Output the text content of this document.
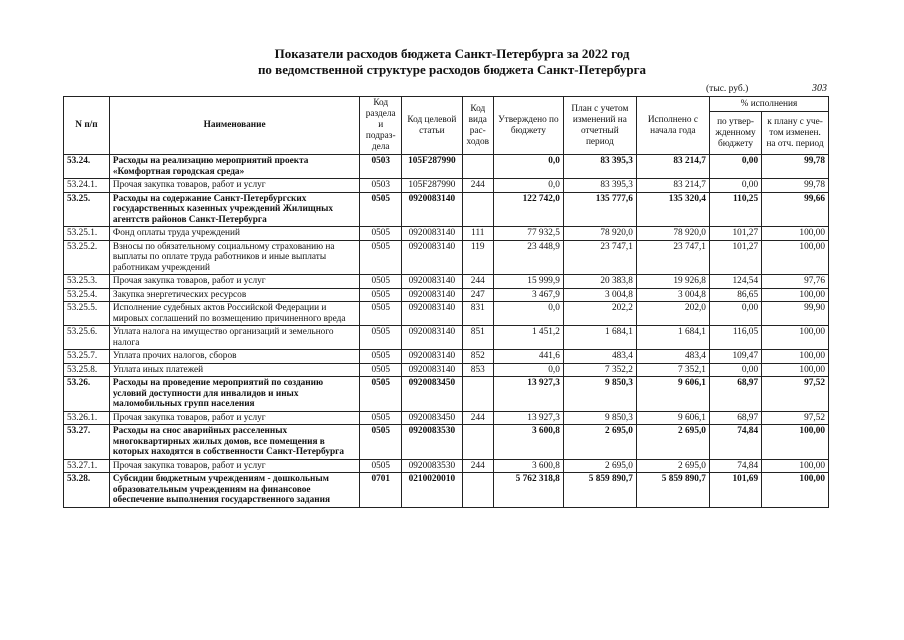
Показатели расходов бюджета Санкт-Петербурга за 2022 год
по ведомственной структуре расходов бюджета Санкт-Петербурга
(тыс. руб.)	303
N п/п	Наименование	Код раздела и подраз- дела	Код целевой статьи	Код вида рас- ходов	Утверждено по бюджету	План с учетом изменений на отчетный период	Исполнено с начала года	% исполнения	
								по утвер- жденному бюджету	к плану с уче- том изменен. на отч. период
53.24.	Расходы на реализацию мероприятий проекта «Комфортная городская среда»	0503	105F287990		0,0	83 395,3	83 214,7	0,00	99,78
53.24.1.	Прочая закупка товаров, работ и услуг	0503	105F287990	244	0,0	83 395,3	83 214,7	0,00	99,78
53.25.	Расходы на содержание Санкт-Петербургских государственных казенных учреждений Жилищных агентств районов Санкт-Петербурга	0505	0920083140		122 742,0	135 777,6	135 320,4	110,25	99,66
53.25.1.	Фонд оплаты труда учреждений	0505	0920083140	111	77 932,5	78 920,0	78 920,0	101,27	100,00
53.25.2.	Взносы по обязательному социальному страхованию на выплаты по оплате труда работников и иные выплаты работникам учреждений	0505	0920083140	119	23 448,9	23 747,1	23 747,1	101,27	100,00
53.25.3.	Прочая закупка товаров, работ и услуг	0505	0920083140	244	15 999,9	20 383,8	19 926,8	124,54	97,76
53.25.4.	Закупка энергетических ресурсов	0505	0920083140	247	3 467,9	3 004,8	3 004,8	86,65	100,00
53.25.5.	Исполнение судебных актов Российской Федерации и мировых соглашений по возмещению причиненного вреда	0505	0920083140	831	0,0	202,2	202,0	0,00	99,90
53.25.6.	Уплата налога на имущество организаций и земельного налога	0505	0920083140	851	1 451,2	1 684,1	1 684,1	116,05	100,00
53.25.7.	Уплата прочих налогов, сборов	0505	0920083140	852	441,6	483,4	483,4	109,47	100,00
53.25.8.	Уплата иных платежей	0505	0920083140	853	0,0	7 352,2	7 352,1	0,00	100,00
53.26.	Расходы на проведение мероприятий по созданию условий доступности для инвалидов и иных маломобильных групп населения	0505	0920083450		13 927,3	9 850,3	9 606,1	68,97	97,52
53.26.1.	Прочая закупка товаров, работ и услуг	0505	0920083450	244	13 927,3	9 850,3	9 606,1	68,97	97,52
53.27.	Расходы на снос аварийных расселенных многоквартирных жилых домов, все помещения в которых находятся в собственности Санкт-Петербурга	0505	0920083530		3 600,8	2 695,0	2 695,0	74,84	100,00
53.27.1.	Прочая закупка товаров, работ и услуг	0505	0920083530	244	3 600,8	2 695,0	2 695,0	74,84	100,00
53.28.	Субсидии бюджетным учреждениям - дошкольным образовательным учреждениям на финансовое обеспечение выполнения государственного задания	0701	0210020010		5 762 318,8	5 859 890,7	5 859 890,7	101,69	100,00
